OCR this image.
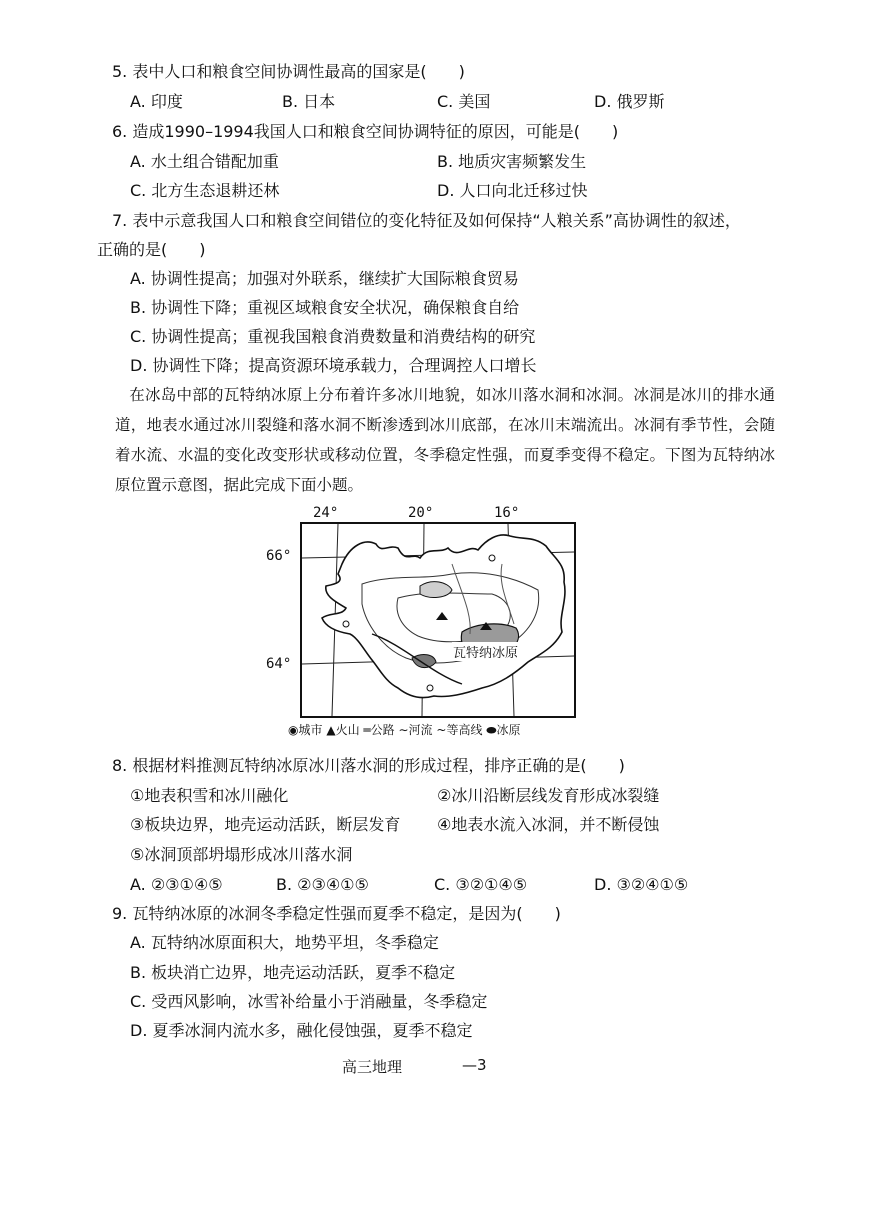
5. 表中人口和粮食空间协调性最高的国家是(　　)
A. 印度	B. 日本	C. 美国	D. 俄罗斯
6. 造成1990–1994我国人口和粮食空间协调特征的原因，可能是(　　)
A. 水土组合错配加重	B. 地质灾害频繁发生
C. 北方生态退耕还林	D. 人口向北迁移过快
7. 表中示意我国人口和粮食空间错位的变化特征及如何保持“人粮关系”高协调性的叙述，
正确的是(　　)
A. 协调性提高；加强对外联系，继续扩大国际粮食贸易
B. 协调性下降；重视区域粮食安全状况，确保粮食自给
C. 协调性提高；重视我国粮食消费数量和消费结构的研究
D. 协调性下降；提高资源环境承载力，合理调控人口增长
在冰岛中部的瓦特纳冰原上分布着许多冰川地貌，如冰川落水洞和冰洞。冰洞是冰川的排水通道，地表水通过冰川裂缝和落水洞不断渗透到冰川底部，在冰川末端流出。冰洞有季节性，会随着水流、水温的变化改变形状或移动位置，冬季稳定性强，而夏季变得不稳定。下图为瓦特纳冰原位置示意图，据此完成下面小题。
24°	20°	16°
66°
64°
瓦特纳冰原
◉城市 ▲火山 ═公路 ∼河流 ~等高线 ⬬冰原
8. 根据材料推测瓦特纳冰原冰川落水洞的形成过程，排序正确的是(　　)
①地表积雪和冰川融化	②冰川沿断层线发育形成冰裂缝
③板块边界，地壳运动活跃，断层发育 ④地表水流入冰洞，并不断侵蚀
⑤冰洞顶部坍塌形成冰川落水洞
A. ②③①④⑤	B. ②③④①⑤	C. ③②①④⑤	D. ③②④①⑤
9. 瓦特纳冰原的冰洞冬季稳定性强而夏季不稳定，是因为(　　)
A. 瓦特纳冰原面积大，地势平坦，冬季稳定
B. 板块消亡边界，地壳运动活跃，夏季不稳定
C. 受西风影响，冰雪补给量小于消融量，冬季稳定
D. 夏季冰洞内流水多，融化侵蚀强，夏季不稳定
高三地理	—3
